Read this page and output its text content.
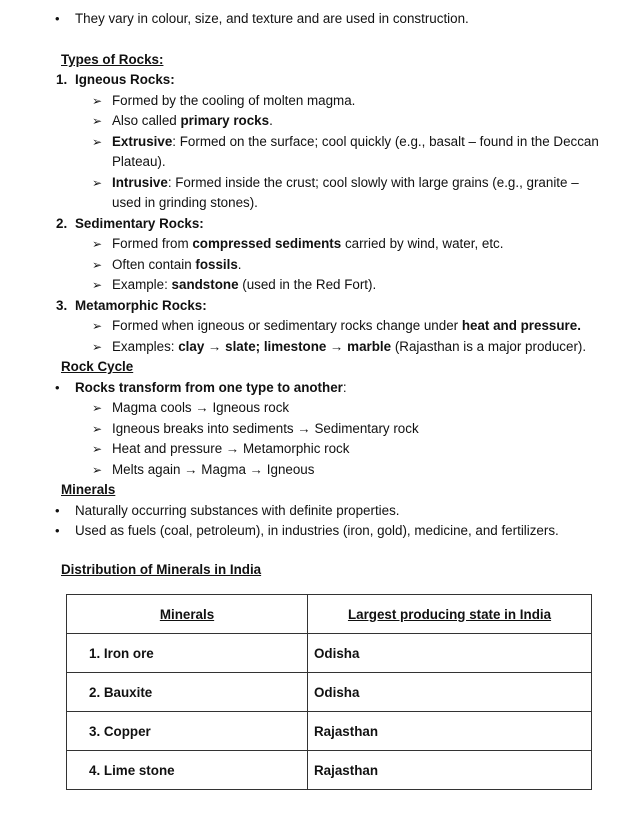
• They vary in colour, size, and texture and are used in construction.
Types of Rocks:
1. Igneous Rocks:
➢ Formed by the cooling of molten magma.
➢ Also called primary rocks.
➢ Extrusive: Formed on the surface; cool quickly (e.g., basalt – found in the Deccan
Plateau).
➢ Intrusive: Formed inside the crust; cool slowly with large grains (e.g., granite –
used in grinding stones).
2. Sedimentary Rocks:
➢ Formed from compressed sediments carried by wind, water, etc.
➢ Often contain fossils.
➢ Example: sandstone (used in the Red Fort).
3. Metamorphic Rocks:
➢ Formed when igneous or sedimentary rocks change under heat and pressure.
➢ Examples: clay → slate; limestone → marble (Rajasthan is a major producer).
Rock Cycle
• Rocks transform from one type to another:
➢ Magma cools → Igneous rock
➢ Igneous breaks into sediments → Sedimentary rock
➢ Heat and pressure → Metamorphic rock
➢ Melts again → Magma → Igneous
Minerals
• Naturally occurring substances with definite properties.
• Used as fuels (coal, petroleum), in industries (iron, gold), medicine, and fertilizers.
Distribution of Minerals in India
Minerals	Largest producing state in India
1. Iron ore	Odisha
2. Bauxite	Odisha
3. Copper	Rajasthan
4. Lime stone	Rajasthan
